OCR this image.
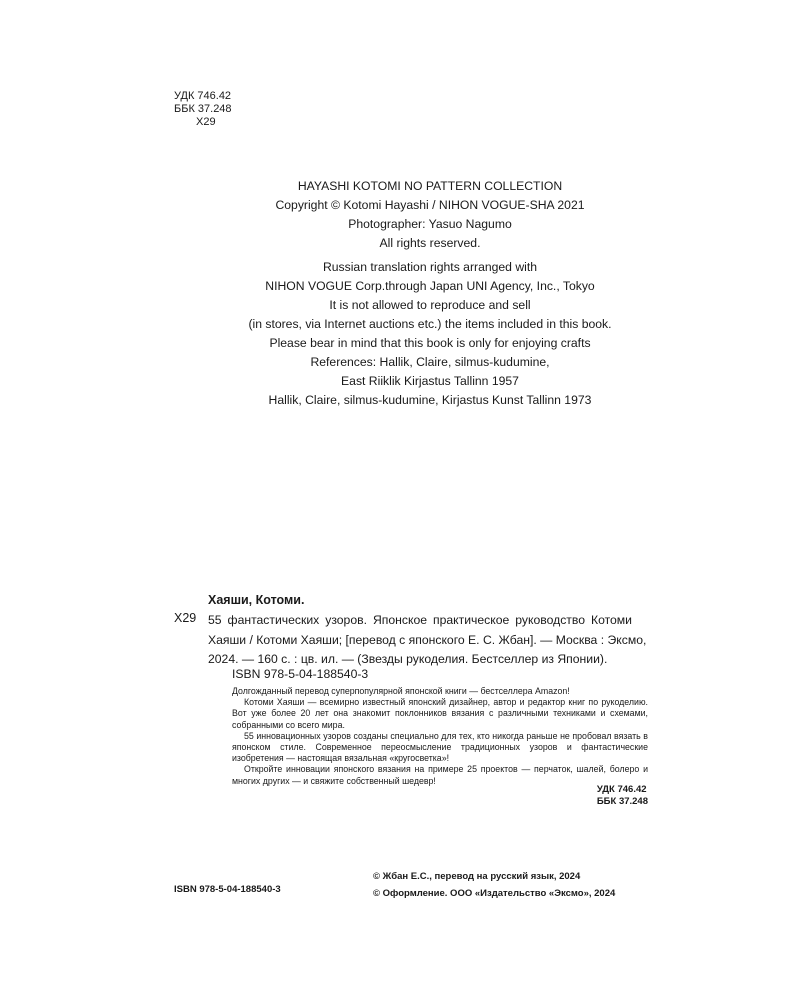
УДК 746.42
ББК 37.248
Х29
HAYASHI KOTOMI NO PATTERN COLLECTION
Copyright © Kotomi Hayashi / NIHON VOGUE-SHA 2021
Photographer: Yasuo Nagumo
All rights reserved.
Russian translation rights arranged with
NIHON VOGUE Corp.through Japan UNI Agency, Inc., Tokyo
It is not allowed to reproduce and sell
(in stores, via Internet auctions etc.) the items included in this book.
Please bear in mind that this book is only for enjoying crafts
References: Hallik, Claire, silmus-kudumine,
East Riiklik Kirjastus Tallinn 1957
Hallik, Claire, silmus-kudumine, Kirjastus Kunst Tallinn 1973
Хаяши, Котоми.
Х29 55 фантастических узоров. Японское практическое руководство Котоми
Хаяши / Котоми Хаяши; [перевод с японского Е. С. Жбан]. — Москва : Эксмо,
2024. — 160 с. : цв. ил. — (Звезды рукоделия. Бестселлер из Японии).
ISBN 978-5-04-188540-3

Долгожданный перевод суперпопулярной японской книги — бестселлера Amazon!

Котоми Хаяши — всемирно известный японский дизайнер, автор и редактор книг по рукоделию. Вот уже более 20 лет она знакомит поклонников вязания с различными техниками и схемами, собранными со всего мира.

55 инновационных узоров созданы специально для тех, кто никогда раньше не пробовал вязать в японском стиле. Современное переосмысление традиционных узоров и фантастические изобретения — настоящая вязальная «кругосветка»!

Откройте инновации японского вязания на примере 25 проектов — перчаток, шалей, болеро и многих других — и свяжите собственный шедевр!

УДК 746.42
ББК 37.248
ISBN 978-5-04-188540-3
© Жбан Е.С., перевод на русский язык, 2024
© Оформление. ООО «Издательство «Эксмо», 2024
